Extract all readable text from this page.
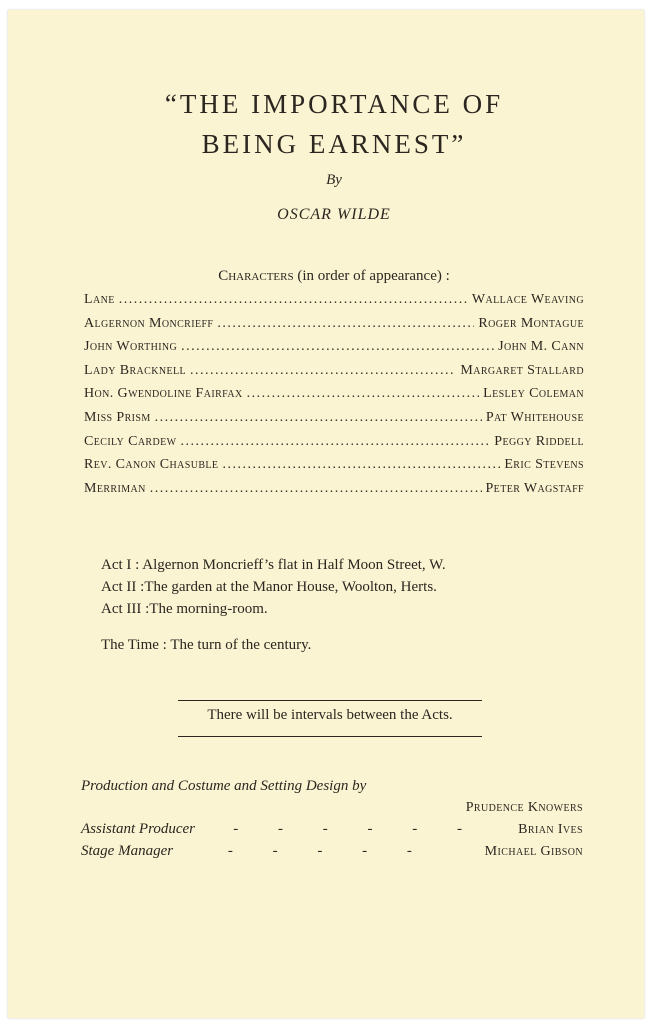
“THE IMPORTANCE OF
BEING EARNEST”
By
OSCAR WILDE
Characters (in order of appearance) :
Lane .....	Wallace Weaving
Algernon Moncrieff .....	Roger Montague
John Worthing .....	John M. Cann
Lady Bracknell .....	Margaret Stallard
Hon. Gwendoline Fairfax .....	Lesley Coleman
Miss Prism .....	Pat Whitehouse
Cecily Cardew .....	Peggy Riddell
Rev. Canon Chasuble .....	Eric Stevens
Merriman .....	Peter Wagstaff
Act I : Algernon Moncrieff’s flat in Half Moon Street, W.
Act II :The garden at the Manor House, Woolton, Herts.
Act III :The morning-room.
The Time : The turn of the century.
There will be intervals between the Acts.
Production and Costume and Setting Design by
Prudence Knowers
Assistant Producer	- - - - - -	Brian Ives
Stage Manager	- - - - -	Michael Gibson
